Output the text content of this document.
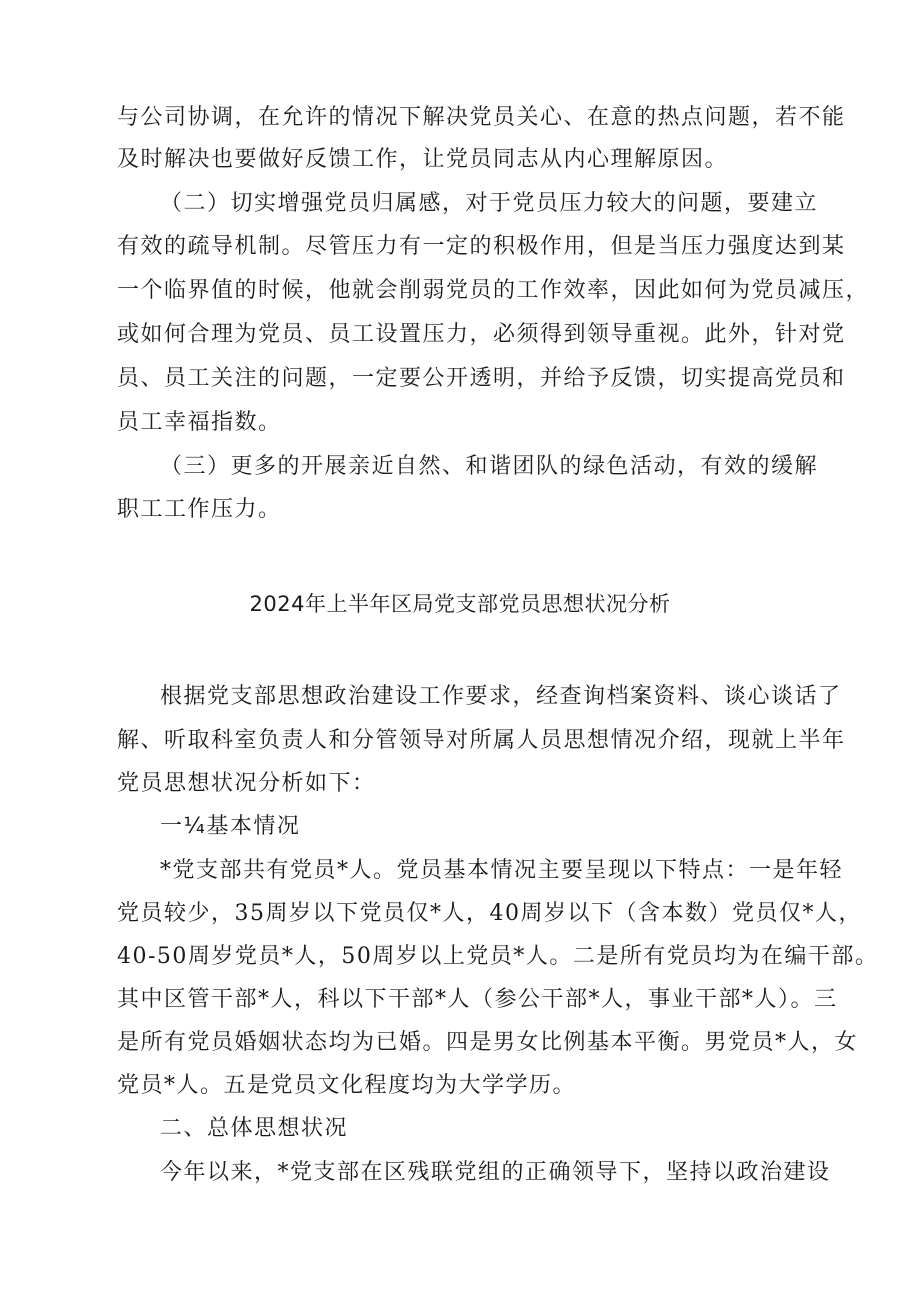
与公司协调，在允许的情况下解决党员关心、在意的热点问题，若不能
及时解决也要做好反馈工作，让党员同志从内心理解原因。
（二）切实增强党员归属感，对于党员压力较大的问题，要建立
有效的疏导机制。尽管压力有一定的积极作用，但是当压力强度达到某
一个临界值的时候，他就会削弱党员的工作效率，因此如何为党员减压，
或如何合理为党员、员工设置压力，必须得到领导重视。此外，针对党
员、员工关注的问题，一定要公开透明，并给予反馈，切实提高党员和
员工幸福指数。
（三）更多的开展亲近自然、和谐团队的绿色活动，有效的缓解
职工工作压力。
2024年上半年区局党支部党员思想状况分析
根据党支部思想政治建设工作要求，经查询档案资料、谈心谈话了
解、听取科室负责人和分管领导对所属人员思想情况介绍，现就上半年
党员思想状况分析如下：
一¼基本情况
*党支部共有党员*人。党员基本情况主要呈现以下特点：一是年轻
党员较少，35周岁以下党员仅*人，40周岁以下（含本数）党员仅*人，
40-50周岁党员*人，50周岁以上党员*人。二是所有党员均为在编干部。
其中区管干部*人，科以下干部*人（参公干部*人，事业干部*人）。三
是所有党员婚姻状态均为已婚。四是男女比例基本平衡。男党员*人，女
党员*人。五是党员文化程度均为大学学历。
二、总体思想状况
今年以来，*党支部在区残联党组的正确领导下，坚持以政治建设
